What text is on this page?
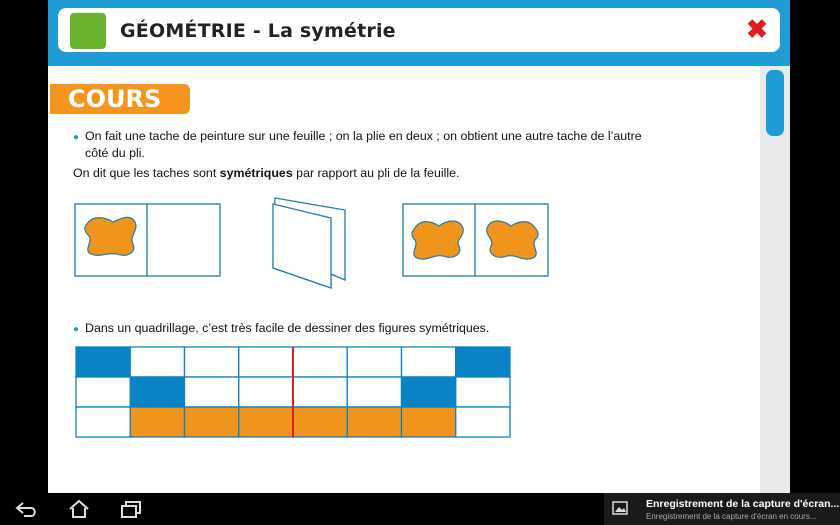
GÉOMÉTRIE - La symétrie	✖
COURS
● On fait une tache de peinture sur une feuille ; on la plie en deux ; on obtient une autre tache de l’autre
côté du pli.
On dit que les taches sont symétriques par rapport au pli de la feuille.
● Dans un quadrillage, c’est très facile de dessiner des figures symétriques.
Enregistrement de la capture d'écran...
Enregistrement de la capture d'écran en cours...
